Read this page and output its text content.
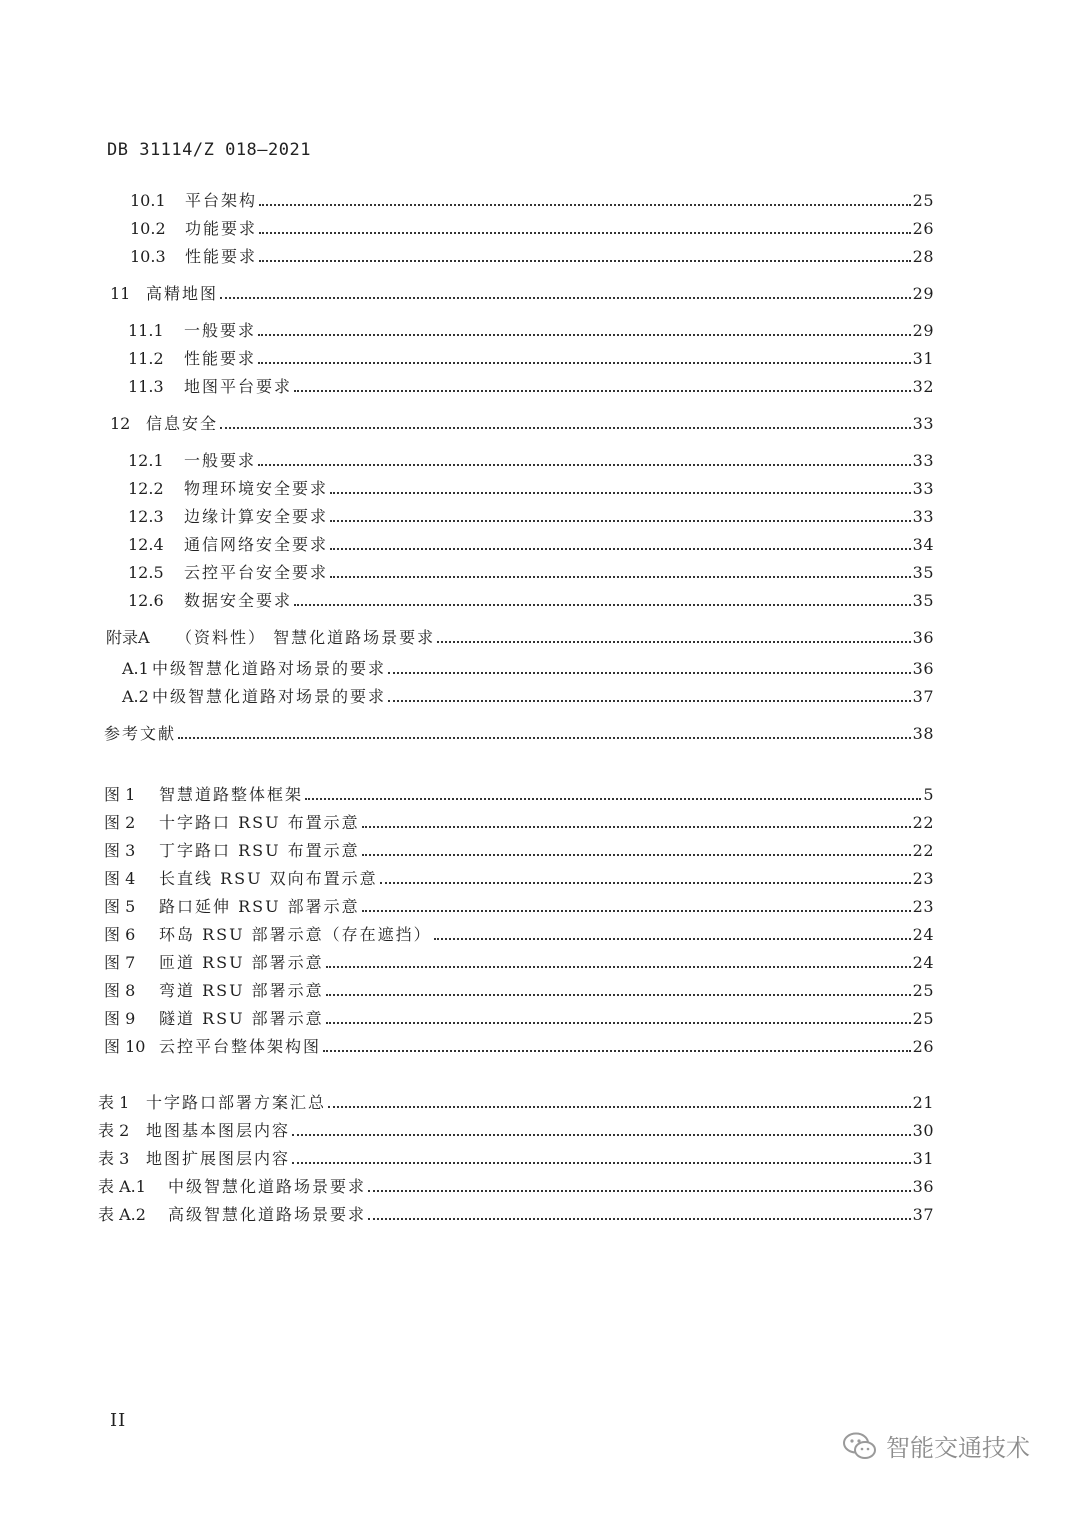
DB 31114/Z 018—2021
10.1	平台架构	25
10.2	功能要求	26
10.3	性能要求	28
11 高精地图	29
11.1	一般要求	29
11.2	性能要求	31
11.3	地图平台要求	32
12 信息安全	33
12.1	一般要求	33
12.2	物理环境安全要求	33
12.3	边缘计算安全要求	33
12.4	通信网络安全要求	34
12.5	云控平台安全要求	35
12.6	数据安全要求	35
附录A	（资料性） 智慧化道路场景要求	36
A.1 中级智慧化道路对场景的要求	36
A.2 中级智慧化道路对场景的要求	37
参考文献	38
图 1	智慧道路整体框架	5
图 2	十字路口 RSU 布置示意	22
图 3	丁字路口 RSU 布置示意	22
图 4	长直线 RSU 双向布置示意	23
图 5	路口延伸 RSU 部署示意	23
图 6	环岛 RSU 部署示意（存在遮挡）	24
图 7	匝道 RSU 部署示意	24
图 8	弯道 RSU 部署示意	25
图 9	隧道 RSU 部署示意	25
图 10 云控平台整体架构图	26
表 1	十字路口部署方案汇总	21
表 2	地图基本图层内容	30
表 3	地图扩展图层内容	31
表 A.1	中级智慧化道路场景要求	36
表 A.2	高级智慧化道路场景要求	37
II
智能交通技术
